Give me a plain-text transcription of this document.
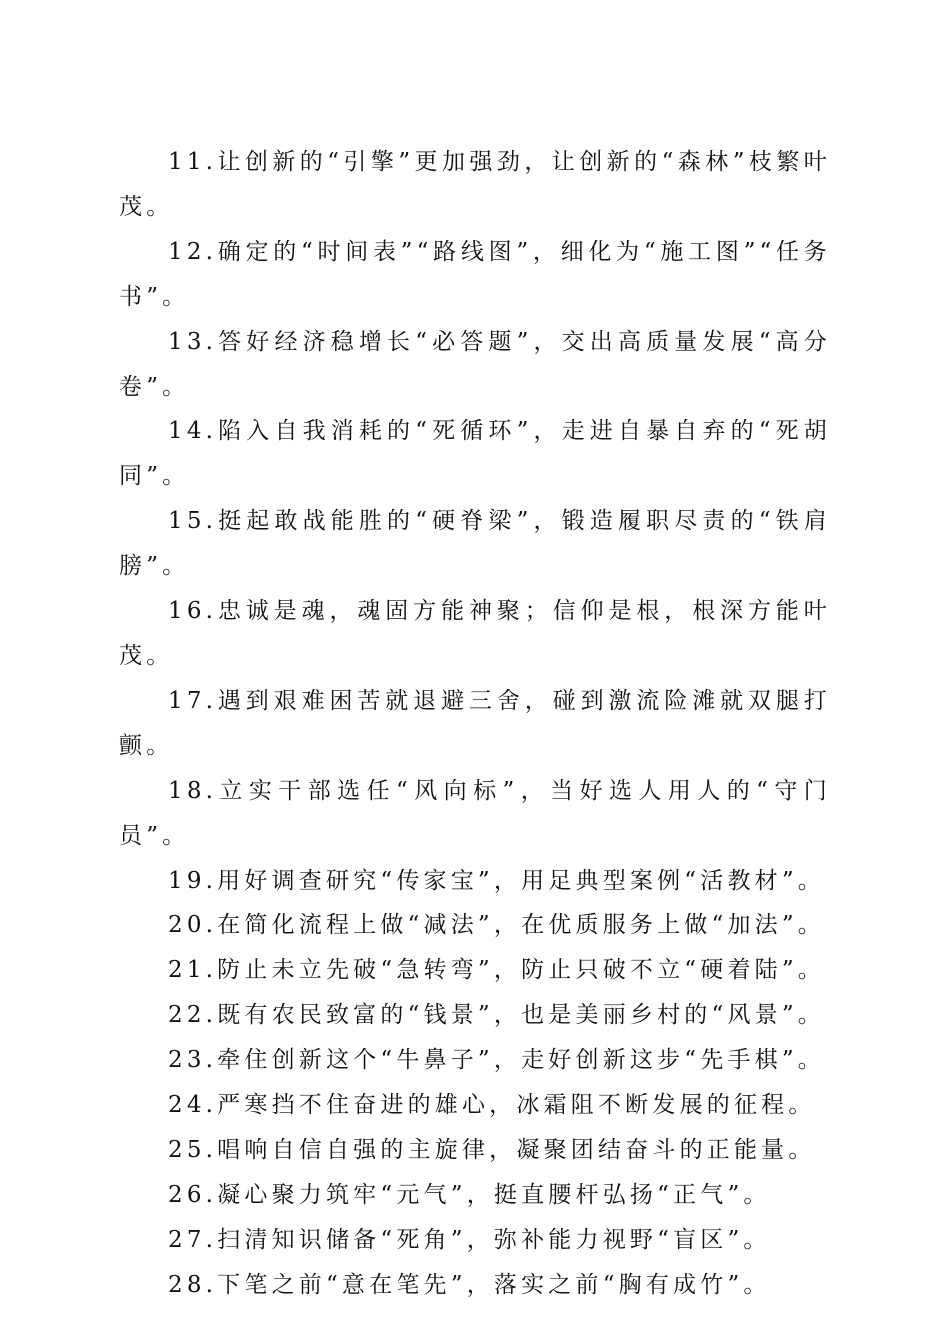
11.让创新的“引擎”更加强劲，让创新的“森林”枝繁叶茂。

12.确定的“时间表”“路线图”，细化为“施工图”“任务书”。

13.答好经济稳增长“必答题”，交出高质量发展“高分卷”。

14.陷入自我消耗的“死循环”，走进自暴自弃的“死胡同”。

15.挺起敢战能胜的“硬脊梁”，锻造履职尽责的“铁肩膀”。

16.忠诚是魂，魂固方能神聚；信仰是根，根深方能叶茂。

17.遇到艰难困苦就退避三舍，碰到激流险滩就双腿打颤。

18.立实干部选任“风向标”，当好选人用人的“守门员”。

19.用好调查研究“传家宝”，用足典型案例“活教材”。

20.在简化流程上做“减法”，在优质服务上做“加法”。

21.防止未立先破“急转弯”，防止只破不立“硬着陆”。

22.既有农民致富的“钱景”，也是美丽乡村的“风景”。

23.牵住创新这个“牛鼻子”，走好创新这步“先手棋”。

24.严寒挡不住奋进的雄心，冰霜阻不断发展的征程。

25.唱响自信自强的主旋律，凝聚团结奋斗的正能量。

26.凝心聚力筑牢“元气”，挺直腰杆弘扬“正气”。

27.扫清知识储备“死角”，弥补能力视野“盲区”。

28.下笔之前“意在笔先”，落实之前“胸有成竹”。
